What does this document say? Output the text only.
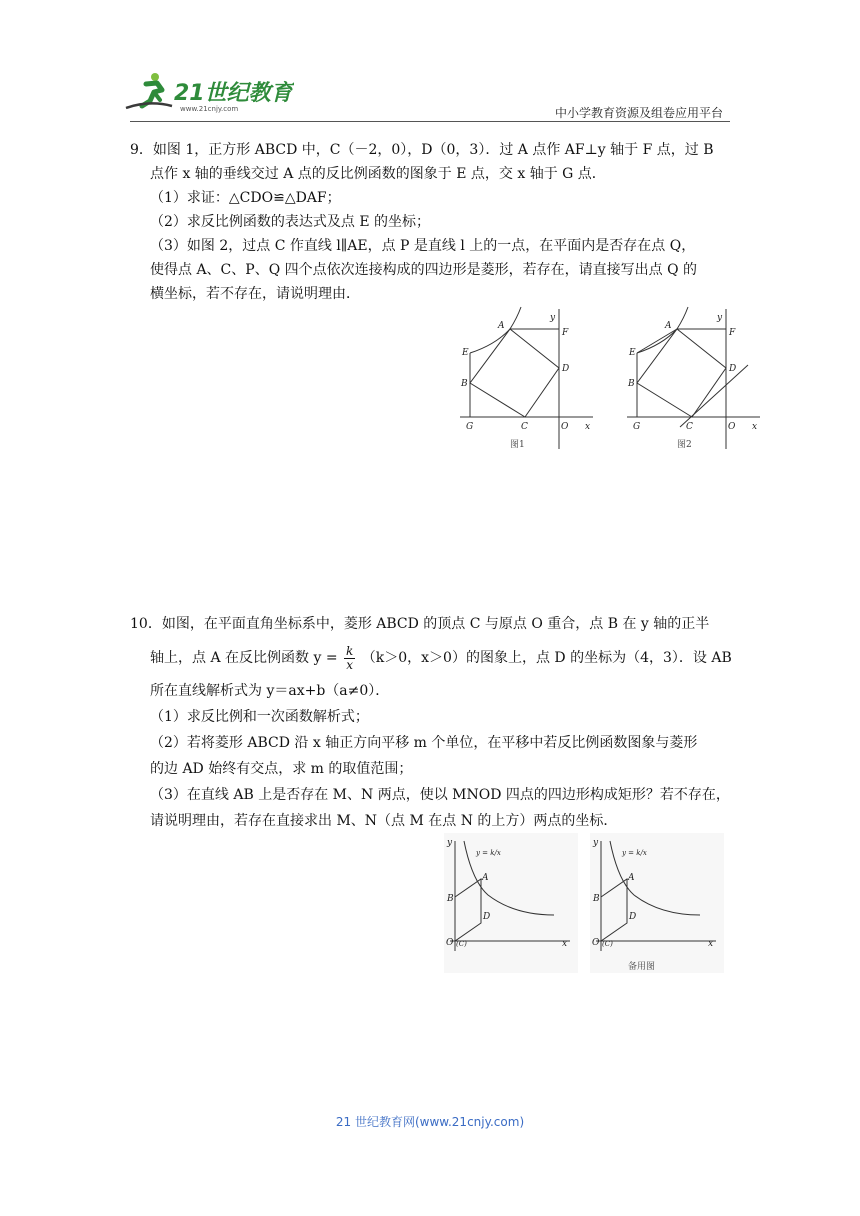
21世纪教育
www.21cnjy.com	中小学教育资源及组卷应用平台

9．如图 1，正方形 ABCD 中，C（－2，0），D（0，3）．过 A 点作 AF⊥y 轴于 F 点，过 B

点作 x 轴的垂线交过 A 点的反比例函数的图象于 E 点，交 x 轴于 G 点．

（1）求证：△CDO≌△DAF；

（2）求反比例函数的表达式及点 E 的坐标；

（3）如图 2，过点 C 作直线 l∥AE，点 P 是直线 l 上的一点，在平面内是否存在点 Q，

使得点 A、C、P、Q 四个点依次连接构成的四边形是菱形，若存在，请直接写出点 Q 的

横坐标，若不存在，请说明理由．

A
B
C
D
E
F
G	O x
y
图1
A
B
C
D
E
F
G	O x
y
图2

10．如图，在平面直角坐标系中，菱形 ABCD 的顶点 C 与原点 O 重合，点 B 在 y 轴的正半

轴上，点 A 在反比例函数 $y = \frac{k}{x} (k>0$，x＞0）的图象上，点 D 的坐标为（4，3）．设 AB

所在直线解析式为 y＝ax+b（a≠0）．

（1）求反比例和一次函数解析式；

（2）若将菱形 ABCD 沿 x 轴正方向平移 m 个单位，在平移中若反比例函数图象与菱形

的边 AD 始终有交点，求 m 的取值范围；

（3）在直线 AB 上是否存在 M、N 两点，使以 MNOD 四点的四边形构成矩形？若不存在，

请说明理由，若存在直接求出 M、N（点 M 在点 N 的上方）两点的坐标．

y = k/x
A
B
D
O (C)	x
y
y = k/x
A
B
D
O (C)	x
y
备用图
21 世纪教育网(www.21cnjy.com)
